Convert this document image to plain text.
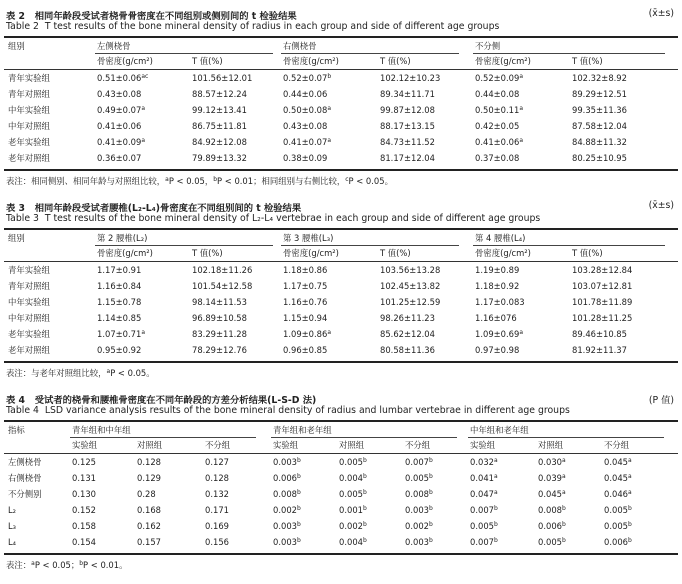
表 2 相同年龄段受试者桡骨骨密度在不同组别或侧别间的 t 检验结果	(x̄±s)
Table 2 T test results of the bone mineral density of radius in each group and side of different age groups
组别	左侧桡骨
骨密度(g/cm²)	T 值(%)
右侧桡骨
骨密度(g/cm²)	T 值(%)
不分侧
骨密度(g/cm²)	T 值(%)
青年实验组	0.51±0.06$^{ac}$	101.56±12.01	0.52±0.07$^b$	102.12±10.23	0.52±0.09$^a$	102.32±8.92
青年对照组	0.43±0.08	88.57±12.24	0.44±0.06	89.34±11.71	0.44±0.08	89.29±12.51
中年实验组	0.49±0.07$^a$	99.12±13.41	0.50±0.08$^a$	99.87±12.08	0.50±0.11$^a$	99.35±11.36
中年对照组	0.41±0.06	86.75±11.81	0.43±0.08	88.17±13.15	0.42±0.05	87.58±12.04
老年实验组	0.41±0.09$^a$	84.92±12.08	0.41±0.07$^a$	84.73±11.52	0.41±0.06$^a$	84.88±11.32
老年对照组	0.36±0.07	79.89±13.32	0.38±0.09	81.17±12.04	0.37±0.08	80.25±10.95
表注：相同侧别、相同年龄与对照组比较，$^a$P < 0.05，$^b$P < 0.01；相同组别与右侧比较，$^c$P < 0.05。
表 3 相同年龄段受试者腰椎(L₂-L₄)骨密度在不同组别间的 t 检验结果	(x̄±s)
Table 3 T test results of the bone mineral density of L₂-L₄ vertebrae in each group and side of different age groups
组别	第 2 腰椎(L₂)
骨密度(g/cm²)	T 值(%)
第 3 腰椎(L₃)
骨密度(g/cm²)	T 值(%)
第 4 腰椎(L₄)
骨密度(g/cm²)	T 值(%)
青年实验组	1.17±0.91	102.18±11.26	1.18±0.86	103.56±13.28	1.19±0.89	103.28±12.84
青年对照组	1.16±0.84	101.54±12.58	1.17±0.75	102.45±13.82	1.18±0.92	103.07±12.81
中年实验组	1.15±0.78	98.14±11.53	1.16±0.76	101.25±12.59	1.17±0.083	101.78±11.89
中年对照组	1.14±0.85	96.89±10.58	1.15±0.94	98.26±11.23	1.16±076	101.28±11.25
老年实验组	1.07±0.71$^a$	83.29±11.28	1.09±0.86$^a$	85.62±12.04	1.09±0.69$^a$	89.46±10.85
老年对照组	0.95±0.92	78.29±12.76	0.96±0.85	80.58±11.36	0.97±0.98	81.92±11.37
表注：与老年对照组比较，$^a$P < 0.05。
表 4 受试者的桡骨和腰椎骨密度在不同年龄段的方差分析结果(L-S-D 法)	(P 值)
Table 4 LSD variance analysis results of the bone mineral density of radius and lumbar vertebrae in different age groups
指标	青年组和中年组
实验组	对照组	不分组
青年组和老年组
实验组	对照组	不分组
中年组和老年组
实验组	对照组	不分组
左侧桡骨	0.125	0.128	0.127	0.003$^b$	0.005$^b$	0.007$^b$	0.032$^a$	0.030$^a$	0.045$^a$
右侧桡骨	0.131	0.129	0.128	0.006$^b$	0.004$^b$	0.005$^b$	0.041$^a$	0.039$^a$	0.045$^a$
不分侧别	0.130	0.28	0.132	0.008$^b$	0.005$^b$	0.008$^b$	0.047$^a$	0.045$^a$	0.046$^a$
L₂	0.152	0.168	0.171	0.002$^b$	0.001$^b$	0.003$^b$	0.007$^b$	0.008$^b$	0.005$^b$
L₃	0.158	0.162	0.169	0.003$^b$	0.002$^b$	0.002$^b$	0.005$^b$	0.006$^b$	0.005$^b$
L₄	0.154	0.157	0.156	0.003$^b$	0.004$^b$	0.003$^b$	0.007$^b$	0.005$^b$	0.006$^b$
表注：$^a$P < 0.05；$^b$P < 0.01。
